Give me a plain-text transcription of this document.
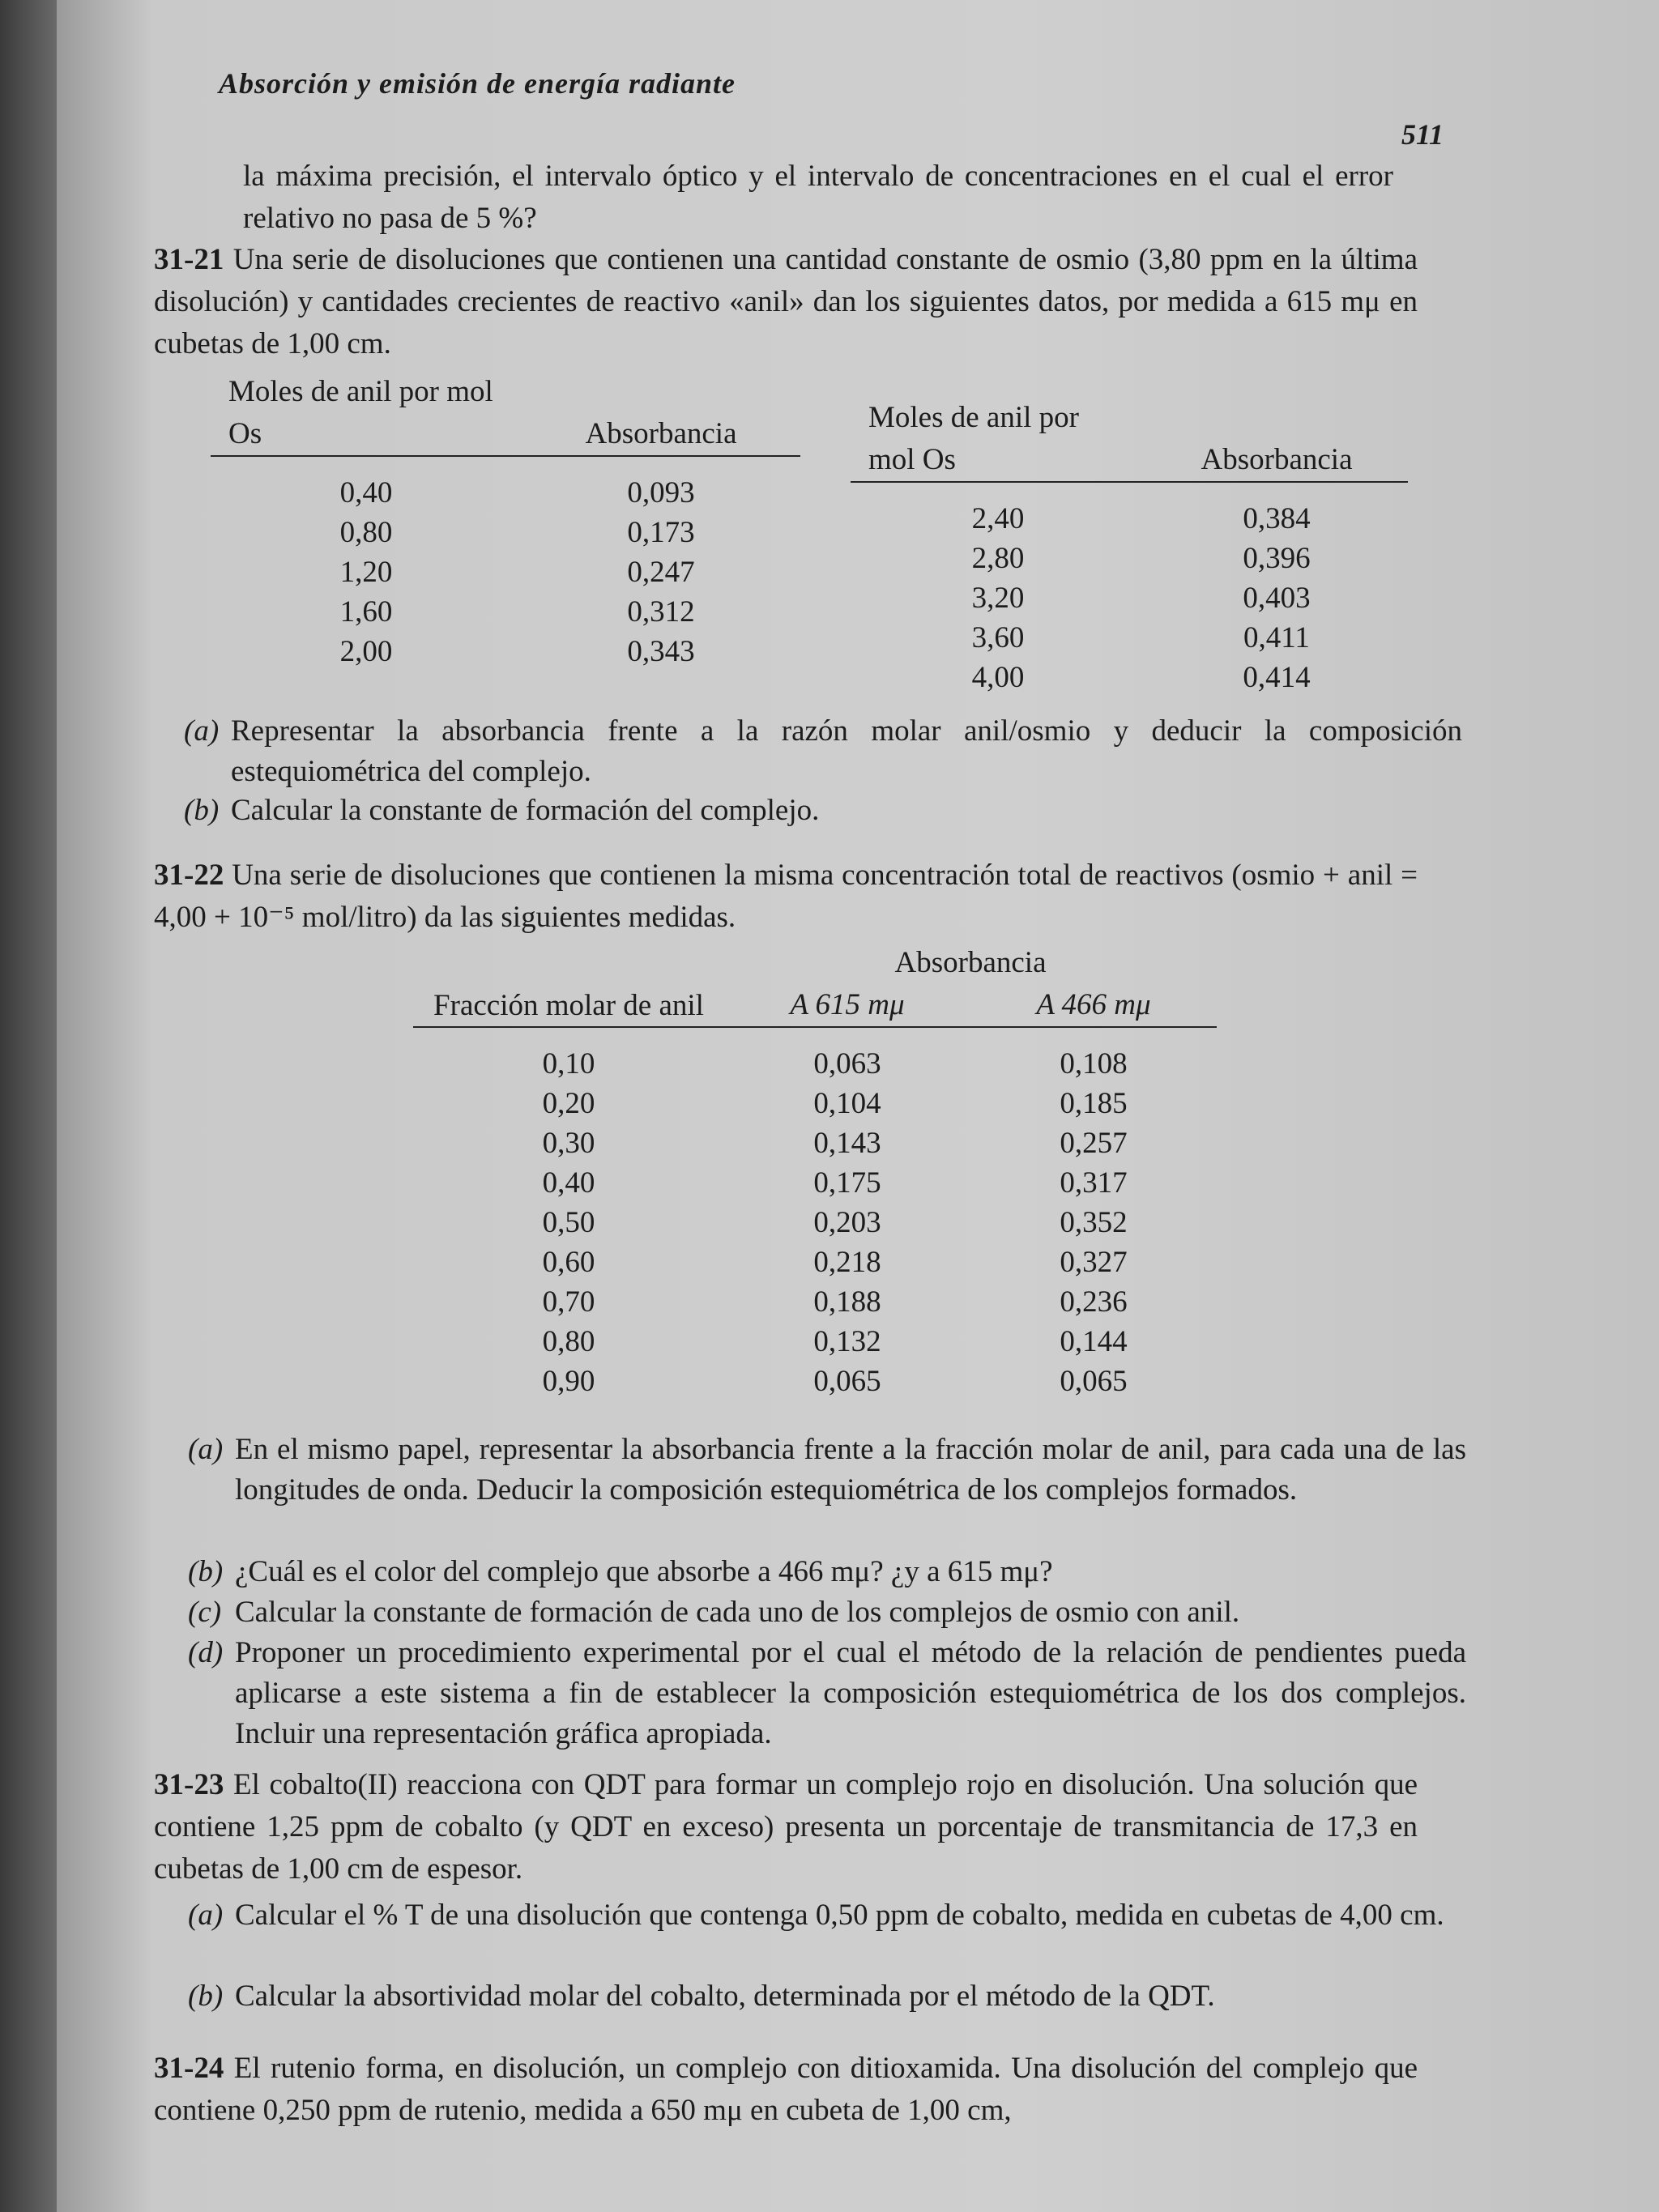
Absorción y emisión de energía radiante
511
la máxima precisión, el intervalo óptico y el intervalo de concentraciones en el cual el error relativo no pasa de 5 %?
31-21 Una serie de disoluciones que contienen una cantidad constante de osmio (3,80 ppm en la última disolución) y cantidades crecientes de reactivo «anil» dan los siguientes datos, por medida a 615 mμ en cubetas de 1,00 cm.
Moles de anil por mol Os	Absorbancia

0,40	0,093
0,80	0,173
1,20	0,247
1,60	0,312
2,00	0,343
Moles de anil por mol Os	Absorbancia

2,40	0,384
2,80	0,396
3,20	0,403
3,60	0,411
4,00	0,414
(a) Representar la absorbancia frente a la razón molar anil/osmio y deducir la composición estequiométrica del complejo.
(b) Calcular la constante de formación del complejo.
31-22 Una serie de disoluciones que contienen la misma concentración total de reactivos (osmio + anil = 4,00 + 10⁻⁵ mol/litro) da las siguientes medidas.
Fracción molar de anil	Absorbancia	
	A 615 mμ	A 466 mμ

0,10	0,063	0,108
0,20	0,104	0,185
0,30	0,143	0,257
0,40	0,175	0,317
0,50	0,203	0,352
0,60	0,218	0,327
0,70	0,188	0,236
0,80	0,132	0,144
0,90	0,065	0,065
(a) En el mismo papel, representar la absorbancia frente a la fracción molar de anil, para cada una de las longitudes de onda. Deducir la composición estequiométrica de los complejos formados.
(b) ¿Cuál es el color del complejo que absorbe a 466 mμ? ¿y a 615 mμ?
(c) Calcular la constante de formación de cada uno de los complejos de osmio con anil.
(d) Proponer un procedimiento experimental por el cual el método de la relación de pendientes pueda aplicarse a este sistema a fin de establecer la composición estequiométrica de los dos complejos. Incluir una representación gráfica apropiada.
31-23 El cobalto(II) reacciona con QDT para formar un complejo rojo en disolución. Una solución que contiene 1,25 ppm de cobalto (y QDT en exceso) presenta un porcentaje de transmitancia de 17,3 en cubetas de 1,00 cm de espesor.
(a) Calcular el % T de una disolución que contenga 0,50 ppm de cobalto, medida en cubetas de 4,00 cm.
(b) Calcular la absortividad molar del cobalto, determinada por el método de la QDT.
31-24 El rutenio forma, en disolución, un complejo con ditioxamida. Una disolución del complejo que contiene 0,250 ppm de rutenio, medida a 650 mμ en cubeta de 1,00 cm,
